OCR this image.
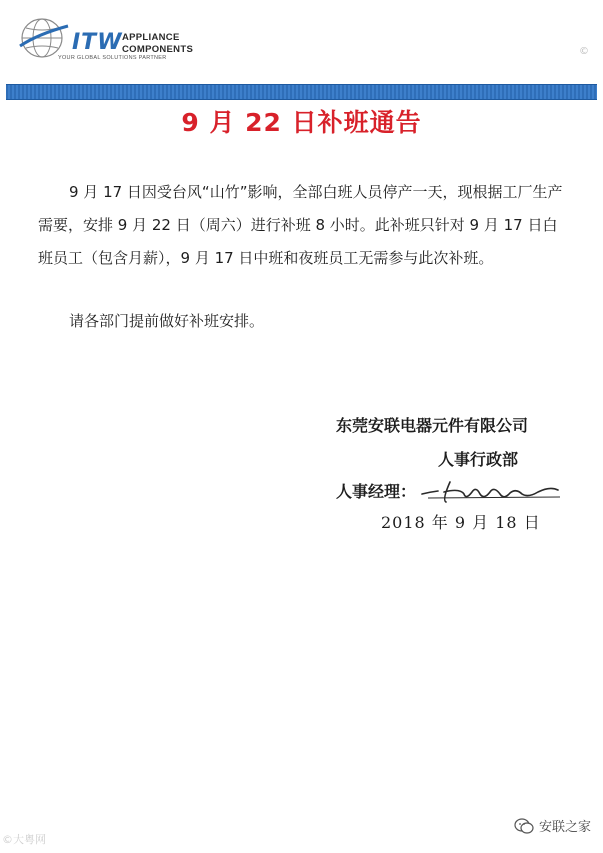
ITW APPLIANCE
COMPONENTS
YOUR GLOBAL SOLUTIONS PARTNER
©
9 月 22 日补班通告
9 月 17 日因受台风“山竹”影响，全部白班人员停产一天，现根据工厂生产
需要，安排 9 月 22 日（周六）进行补班 8 小时。此补班只针对 9 月 17 日白
班员工（包含月薪），9 月 17 日中班和夜班员工无需参与此次补班。
请各部门提前做好补班安排。
东莞安联电器元件有限公司
人事行政部
人事经理：
2018 年 9 月 18 日
©大粤网
安联之家
